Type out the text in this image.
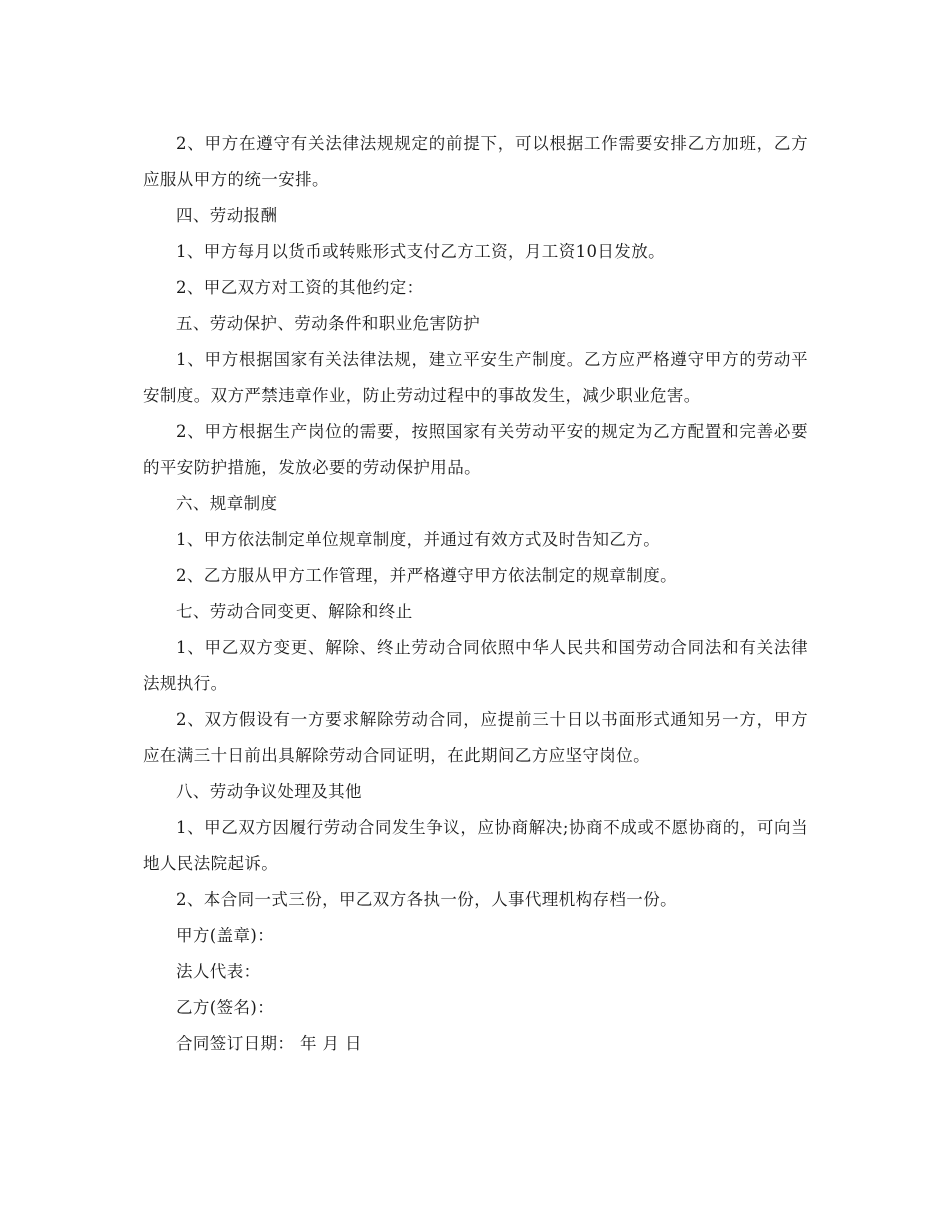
2、甲方在遵守有关法律法规规定的前提下，可以根据工作需要安排乙方加班，乙方应服从甲方的统一安排。

四、劳动报酬

1、甲方每月以货币或转账形式支付乙方工资，月工资10日发放。

2、甲乙双方对工资的其他约定：

五、劳动保护、劳动条件和职业危害防护

1、甲方根据国家有关法律法规，建立平安生产制度。乙方应严格遵守甲方的劳动平安制度。双方严禁违章作业，防止劳动过程中的事故发生，减少职业危害。

2、甲方根据生产岗位的需要，按照国家有关劳动平安的规定为乙方配置和完善必要的平安防护措施，发放必要的劳动保护用品。

六、规章制度

1、甲方依法制定单位规章制度，并通过有效方式及时告知乙方。

2、乙方服从甲方工作管理，并严格遵守甲方依法制定的规章制度。

七、劳动合同变更、解除和终止

1、甲乙双方变更、解除、终止劳动合同依照中华人民共和国劳动合同法和有关法律法规执行。

2、双方假设有一方要求解除劳动合同，应提前三十日以书面形式通知另一方，甲方应在满三十日前出具解除劳动合同证明，在此期间乙方应坚守岗位。

八、劳动争议处理及其他

1、甲乙双方因履行劳动合同发生争议，应协商解决;协商不成或不愿协商的，可向当地人民法院起诉。

2、本合同一式三份，甲乙双方各执一份，人事代理机构存档一份。

甲方(盖章)：

法人代表：

乙方(签名)：

合同签订日期： 年 月 日
